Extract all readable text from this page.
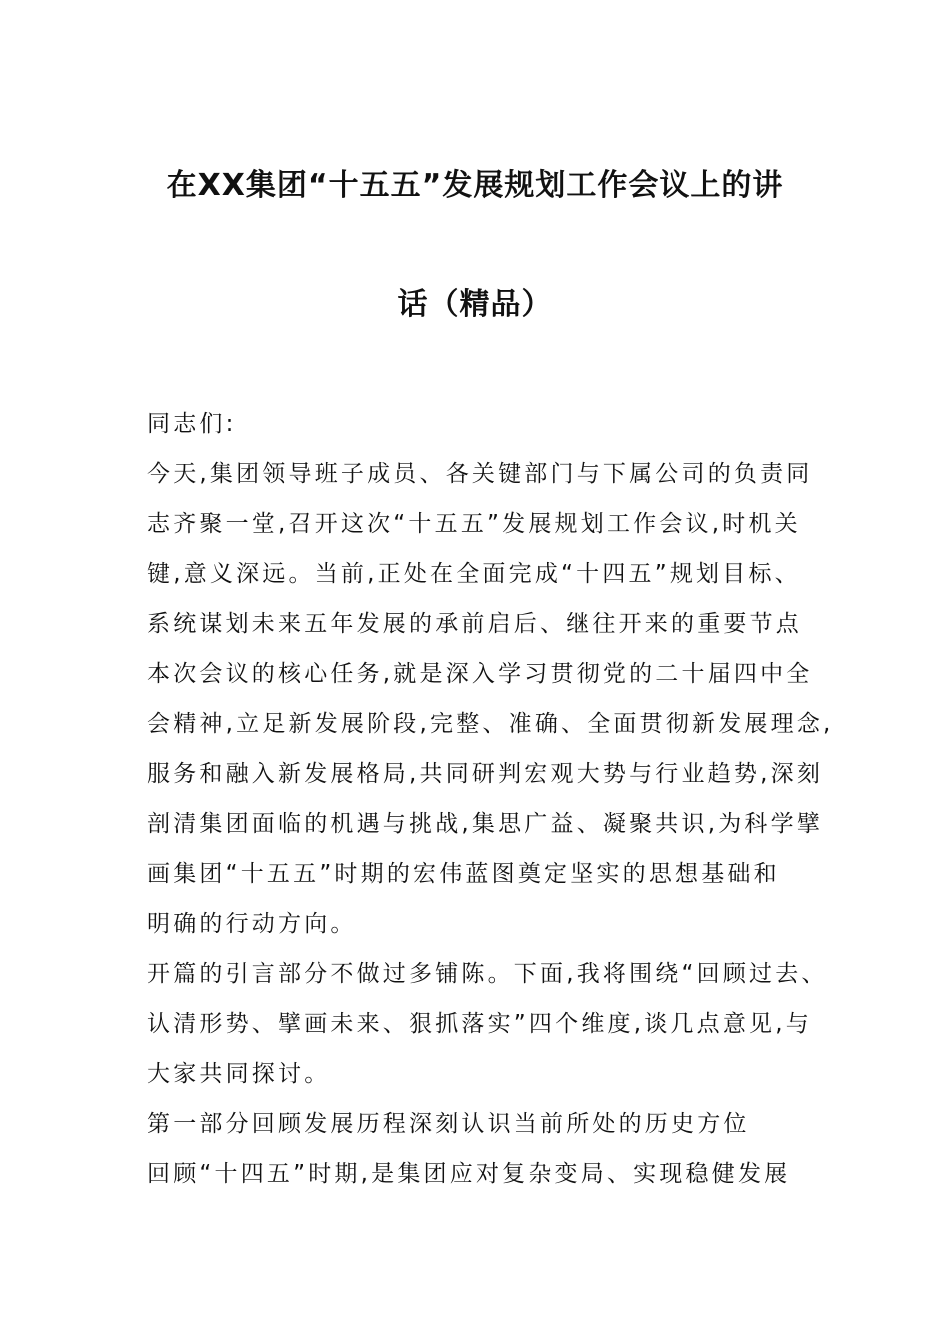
在XX集团“十五五”发展规划工作会议上的讲
话（精品）
同志们:
今天,集团领导班子成员、各关键部门与下属公司的负责同
志齐聚一堂,召开这次“十五五”发展规划工作会议,时机关
键,意义深远。当前,正处在全面完成“十四五”规划目标、
系统谋划未来五年发展的承前启后、继往开来的重要节点
本次会议的核心任务,就是深入学习贯彻党的二十届四中全
会精神,立足新发展阶段,完整、准确、全面贯彻新发展理念,
服务和融入新发展格局,共同研判宏观大势与行业趋势,深刻
剖清集团面临的机遇与挑战,集思广益、凝聚共识,为科学擘
画集团“十五五”时期的宏伟蓝图奠定坚实的思想基础和
明确的行动方向。
开篇的引言部分不做过多铺陈。下面,我将围绕“回顾过去、
认清形势、擘画未来、狠抓落实”四个维度,谈几点意见,与
大家共同探讨。
第一部分回顾发展历程深刻认识当前所处的历史方位
回顾“十四五”时期,是集团应对复杂变局、实现稳健发展
